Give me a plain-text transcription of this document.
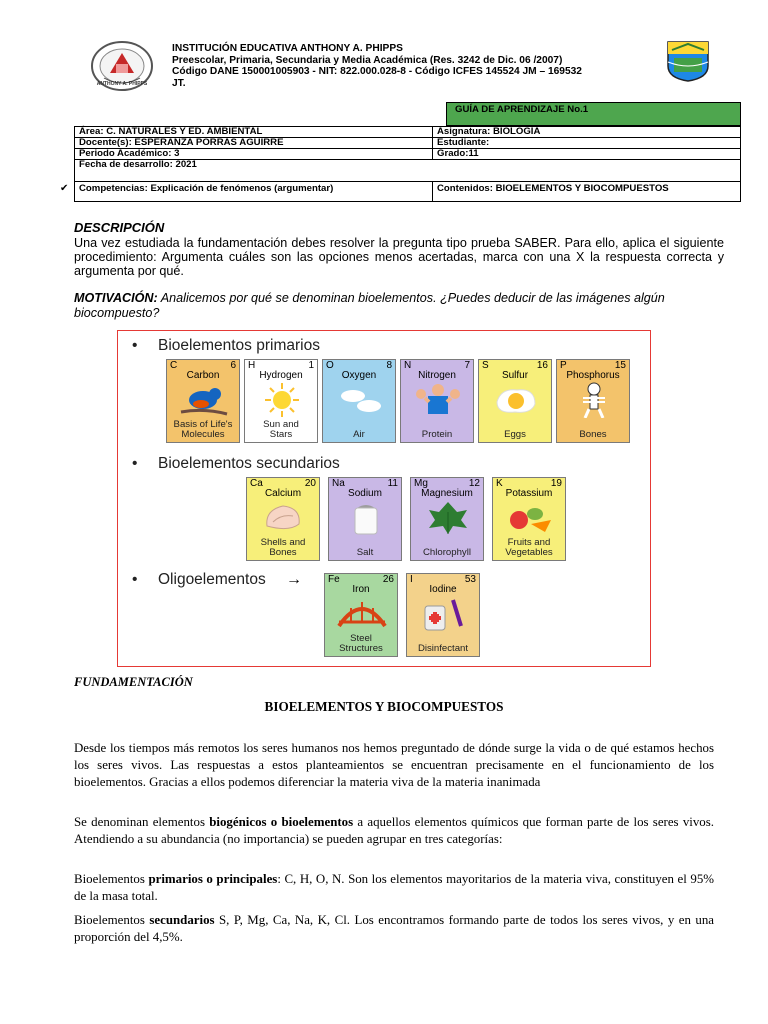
ANTHONY A. PHIPPS
INSTITUCIÓN EDUCATIVA ANTHONY A. PHIPPS
Preescolar, Primaria, Secundaria y Media Académica (Res. 3242 de Dic. 06 /2007)
Código DANE 150001005903 - NIT: 822.000.028-8 - Código ICFES 145524 JM – 169532
JT.
GUÍA DE APRENDIZAJE No.1
Área: C. NATURALES Y ED. AMBIENTAL	Asignatura: BIOLOGÍA
Docente(s): ESPERANZA PORRAS AGUIRRE	Estudiante:
Periodo Académico: 3	Grado:11
Fecha de desarrollo: 2021	
Competencias: Explicación de fenómenos (argumentar)	Contenidos: BIOELEMENTOS Y BIOCOMPUESTOS
✔
DESCRIPCIÓN
Una vez estudiada la fundamentación debes resolver la pregunta tipo prueba SABER. Para ello, aplica el siguiente procedimiento: Argumenta cuáles son las opciones menos acertadas, marca con una X la respuesta correcta y argumenta por qué.
MOTIVACIÓN: Analicemos por qué se denominan bioelementos. ¿Puedes deducir de las imágenes algún biocompuesto?
• Bioelementos primarios
C	6
Carbon
Basis of Life's
Molecules
H	1
Hydrogen
Sun and
Stars
O	8
Oxygen
Air
N	7
Nitrogen
Protein
S	16
Sulfur
Eggs
P	15
Phosphorus
Bones
• Bioelementos secundarios
Ca	20
Calcium
Shells and
Bones
Na	11
Sodium
Salt
Mg	12
Magnesium
Chlorophyll
K	19
Potassium
Fruits and
Vegetables
• Oligoelementos →	Fe	26
Iron
Steel
Structures
I	53
Iodine
Disinfectant
FUNDAMENTACIÓN
BIOELEMENTOS Y BIOCOMPUESTOS
Desde los tiempos más remotos los seres humanos nos hemos preguntado de dónde surge la vida o de qué estamos hechos los seres vivos. Las respuestas a estos planteamientos se encuentran precisamente en el funcionamiento de los bioelementos. Gracias a ellos podemos diferenciar la materia viva de la materia inanimada
Se denominan elementos biogénicos o bioelementos a aquellos elementos químicos que forman parte de los seres vivos. Atendiendo a su abundancia (no importancia) se pueden agrupar en tres categorías:
Bioelementos primarios o principales: C, H, O, N. Son los elementos mayoritarios de la materia viva, constituyen el 95% de la masa total.
Bioelementos secundarios S, P, Mg, Ca, Na, K, Cl. Los encontramos formando parte de todos los seres vivos, y en una proporción del 4,5%.
